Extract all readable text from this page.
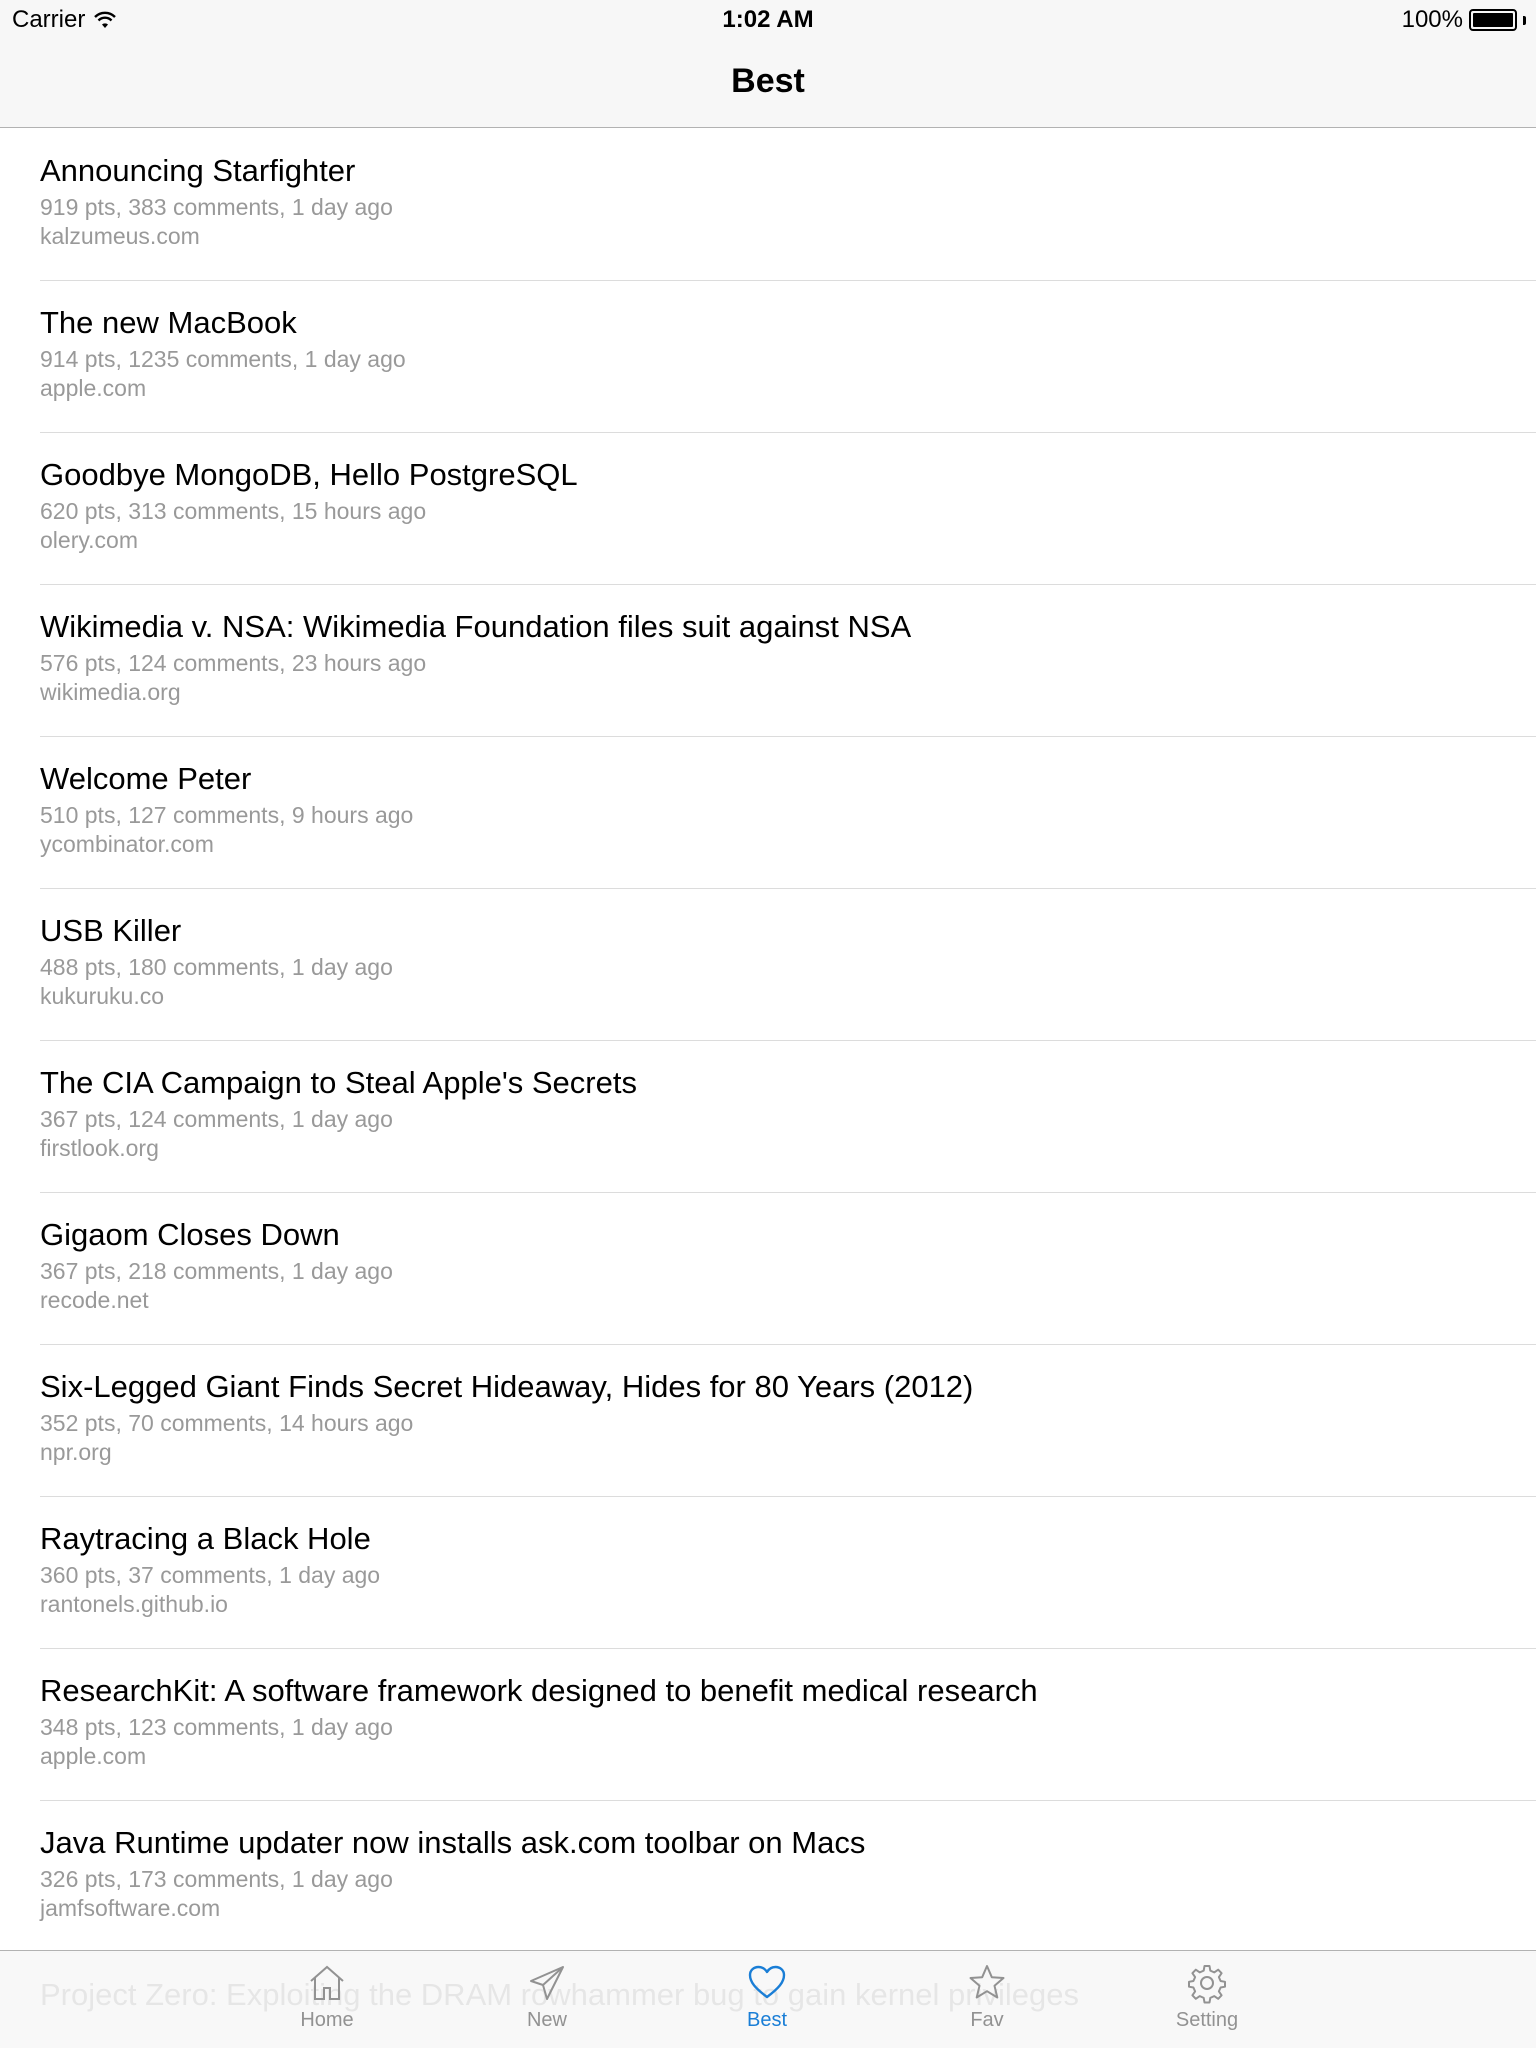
Carrier	1:02 AM	100%
Best
Announcing Starfighter
919 pts, 383 comments, 1 day ago
kalzumeus.com
The new MacBook
914 pts, 1235 comments, 1 day ago
apple.com
Goodbye MongoDB, Hello PostgreSQL
620 pts, 313 comments, 15 hours ago
olery.com
Wikimedia v. NSA: Wikimedia Foundation files suit against NSA
576 pts, 124 comments, 23 hours ago
wikimedia.org
Welcome Peter
510 pts, 127 comments, 9 hours ago
ycombinator.com
USB Killer
488 pts, 180 comments, 1 day ago
kukuruku.co
The CIA Campaign to Steal Apple's Secrets
367 pts, 124 comments, 1 day ago
firstlook.org
Gigaom Closes Down
367 pts, 218 comments, 1 day ago
recode.net
Six-Legged Giant Finds Secret Hideaway, Hides for 80 Years (2012)
352 pts, 70 comments, 14 hours ago
npr.org
Raytracing a Black Hole
360 pts, 37 comments, 1 day ago
rantonels.github.io
ResearchKit: A software framework designed to benefit medical research
348 pts, 123 comments, 1 day ago
apple.com
Java Runtime updater now installs ask.com toolbar on Macs
326 pts, 173 comments, 1 day ago
jamfsoftware.com
Home	New	Best	Fav	Setting
